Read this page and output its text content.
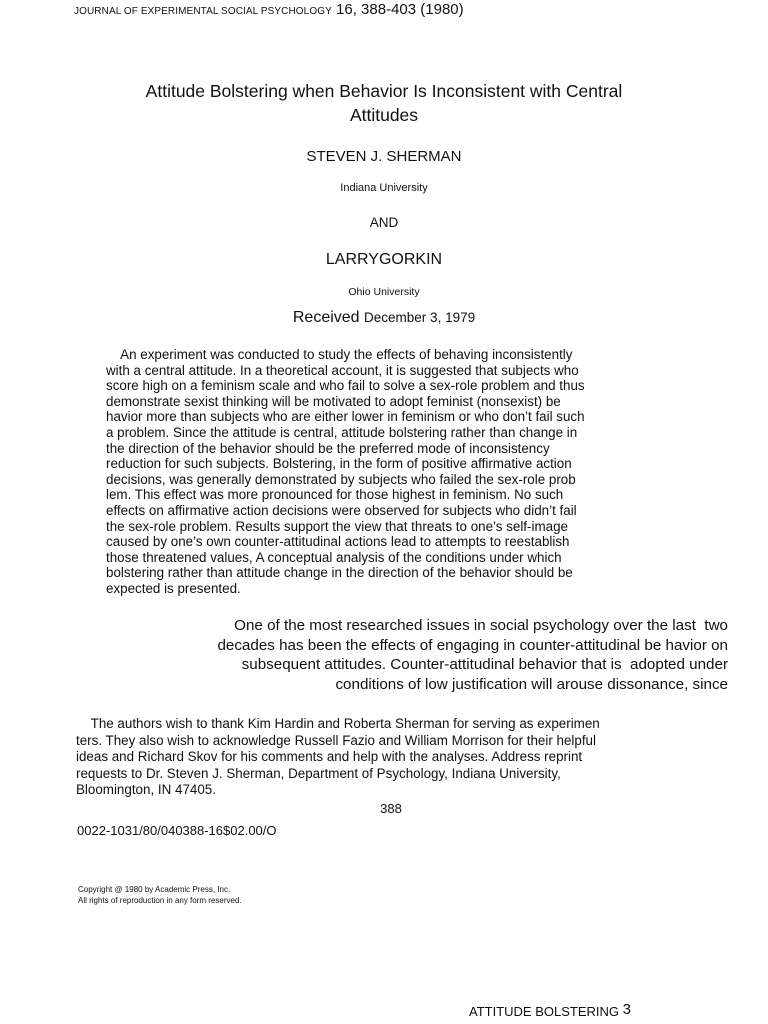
JOURNAL OF EXPERIMENTAL SOCIAL PSYCHOLOGY 16, 388-403 (1980)
Attitude Bolstering when Behavior Is Inconsistent with Central
Attitudes
STEVEN J. SHERMAN
Indiana University
AND
LARRYGORKIN
Ohio University
Received December 3, 1979
An experiment was conducted to study the effects of behaving inconsistently
with a central attitude. In a theoretical account, it is suggested that subjects who
score high on a feminism scale and who fail to solve a sex-role problem and thus
demonstrate sexist thinking will be motivated to adopt feminist (nonsexist) be
havior more than subjects who are either lower in feminism or who don’t fail such
a problem. Since the attitude is central, attitude bolstering rather than change in
the direction of the behavior should be the preferred mode of inconsistency
reduction for such subjects. Bolstering, in the form of positive affirmative action
decisions, was generally demonstrated by subjects who failed the sex-role prob
lem. This effect was more pronounced for those highest in feminism. No such
effects on affirmative action decisions were observed for subjects who didn’t fail
the sex-role problem. Results support the view that threats to one’s self-image
caused by one’s own counter-attitudinal actions lead to attempts to reestablish
those threatened values, A conceptual analysis of the conditions under which
bolstering rather than attitude change in the direction of the behavior should be
expected is presented.
One of the most researched issues in social psychology over the last  two
decades has been the effects of engaging in counter-attitudinal be havior on
subsequent attitudes. Counter-attitudinal behavior that is  adopted under
conditions of low justification will arouse dissonance, since
The authors wish to thank Kim Hardin and Roberta Sherman for serving as experimen
ters. They also wish to acknowledge Russell Fazio and William Morrison for their helpful
ideas and Richard Skov for his comments and help with the analyses. Address reprint
requests to Dr. Steven J. Sherman, Department of Psychology, Indiana University,
Bloomington, IN 47405.
388
0022-1031/80/040388-16$02.00/O
Copyright @ 1980 by Academic Press, Inc.
All rights of reproduction in any form reserved.
ATTITUDE BOLSTERING 3
